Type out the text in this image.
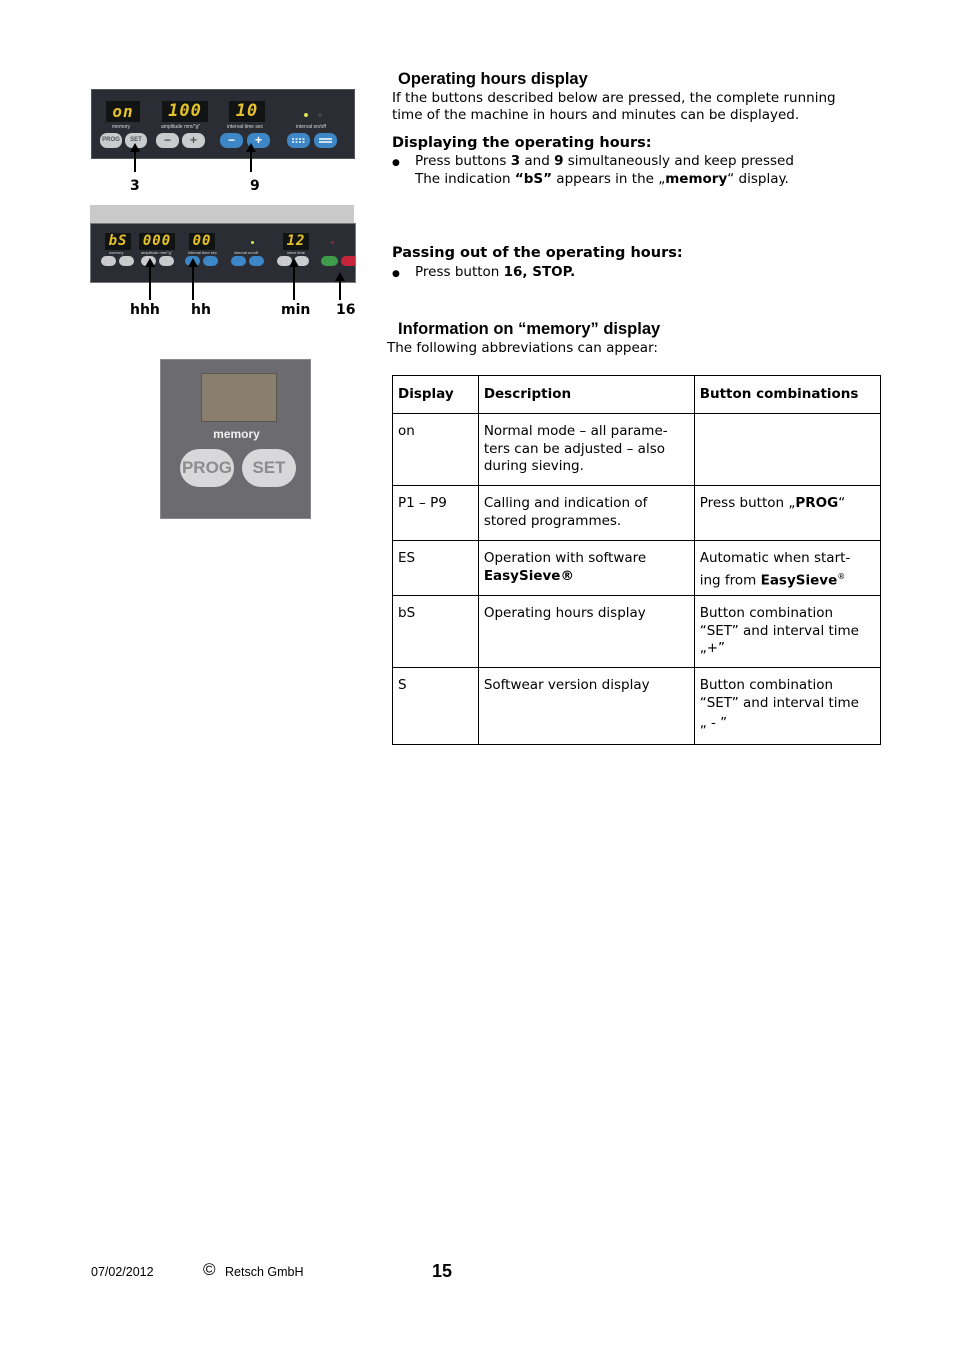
on	100	10
memory	amplitude mm/"g"	interval time sec	interval on/off
PROG	SET	−	+	−	+
3	9
bS 000 00	12
memory	amplitude mm/"g"	interval time sec	interval on/off	sieve time
hhh hh	min 16
memory
PROG	SET
Operating hours display
If the buttons described below are pressed, the complete running
time of the machine in hours and minutes can be displayed.
Displaying the operating hours:
● Press buttons 3 and 9 simultaneously and keep pressed
The indication “bS” appears in the „memory“ display.
Passing out of the operating hours:
● Press button 16, STOP.
Information on “memory” display
The following abbreviations can appear:
Display	Description	Button combinations

on	Normal mode – all parame-
ters can be adjusted – also
during sieving.	

P1 – P9	Calling and indication of
stored programmes.	Press button „PROG“

ES	Operation with software
EasySieve®	Automatic when start-
ing from EasySieve®

bS	Operating hours display	Button combination
“SET” and interval time
„+”

S	Softwear version display	Button combination
“SET” and interval time
„ - ”
07/02/2012	© Retsch GmbH	15
